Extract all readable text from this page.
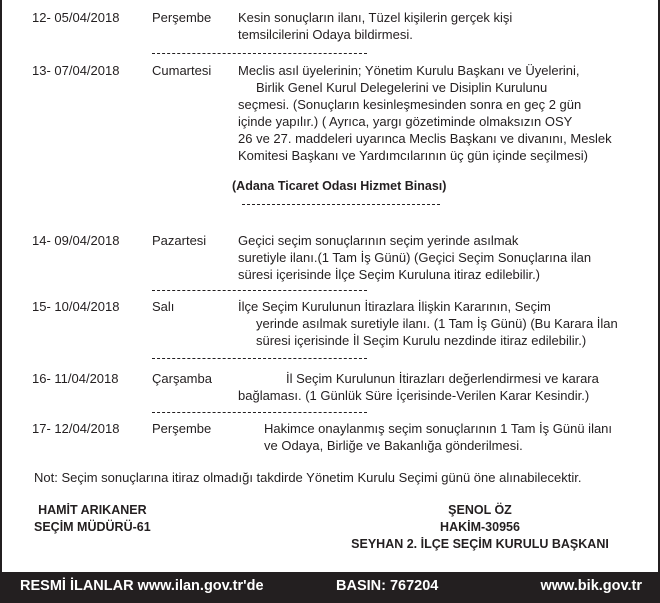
12- 05/04/2018	Perşembe Kesin sonuçların ilanı, Tüzel kişilerin gerçek kişi
temsilcilerini Odaya bildirmesi.
13- 07/04/2018	Cumartesi Meclis asıl üyelerinin; Yönetim Kurulu Başkanı ve Üyelerini,
Birlik Genel Kurul Delegelerini ve Disiplin Kurulunu
seçmesi. (Sonuçların kesinleşmesinden sonra en geç 2 gün
içinde yapılır.) ( Ayrıca, yargı gözetiminde olmaksızın OSY
26 ve 27. maddeleri uyarınca Meclis Başkanı ve divanını, Meslek
Komitesi Başkanı ve Yardımcılarının üç gün içinde seçilmesi)
(Adana Ticaret Odası Hizmet Binası)
14- 09/04/2018	Pazartesi Geçici seçim sonuçlarının seçim yerinde asılmak
suretiyle ilanı.(1 Tam İş Günü) (Geçici Seçim Sonuçlarına ilan
süresi içerisinde İlçe Seçim Kuruluna itiraz edilebilir.)
15- 10/04/2018	Salı	İlçe Seçim Kurulunun İtirazlara İlişkin Kararının, Seçim
yerinde asılmak suretiyle ilanı. (1 Tam İş Günü) (Bu Karara İlan
süresi içerisinde İl Seçim Kurulu nezdinde itiraz edilebilir.)
16- 11/04/2018	Çarşamba	İl Seçim Kurulunun İtirazları değerlendirmesi ve karara
bağlaması. (1 Günlük Süre İçerisinde-Verilen Karar Kesindir.)
17- 12/04/2018	Perşembe	Hakimce onaylanmış seçim sonuçlarının 1 Tam İş Günü ilanı
ve Odaya, Birliğe ve Bakanlığa gönderilmesi.
Not: Seçim sonuçlarına itiraz olmadığı takdirde Yönetim Kurulu Seçimi günü öne alınabilecektir.
HAMİT ARIKANER
SEÇİM MÜDÜRÜ-61
ŞENOL ÖZ
HAKİM-30956
SEYHAN 2. İLÇE SEÇİM KURULU BAŞKANI
RESMİ İLANLAR www.ilan.gov.tr'de	BASIN: 767204	www.bik.gov.tr
